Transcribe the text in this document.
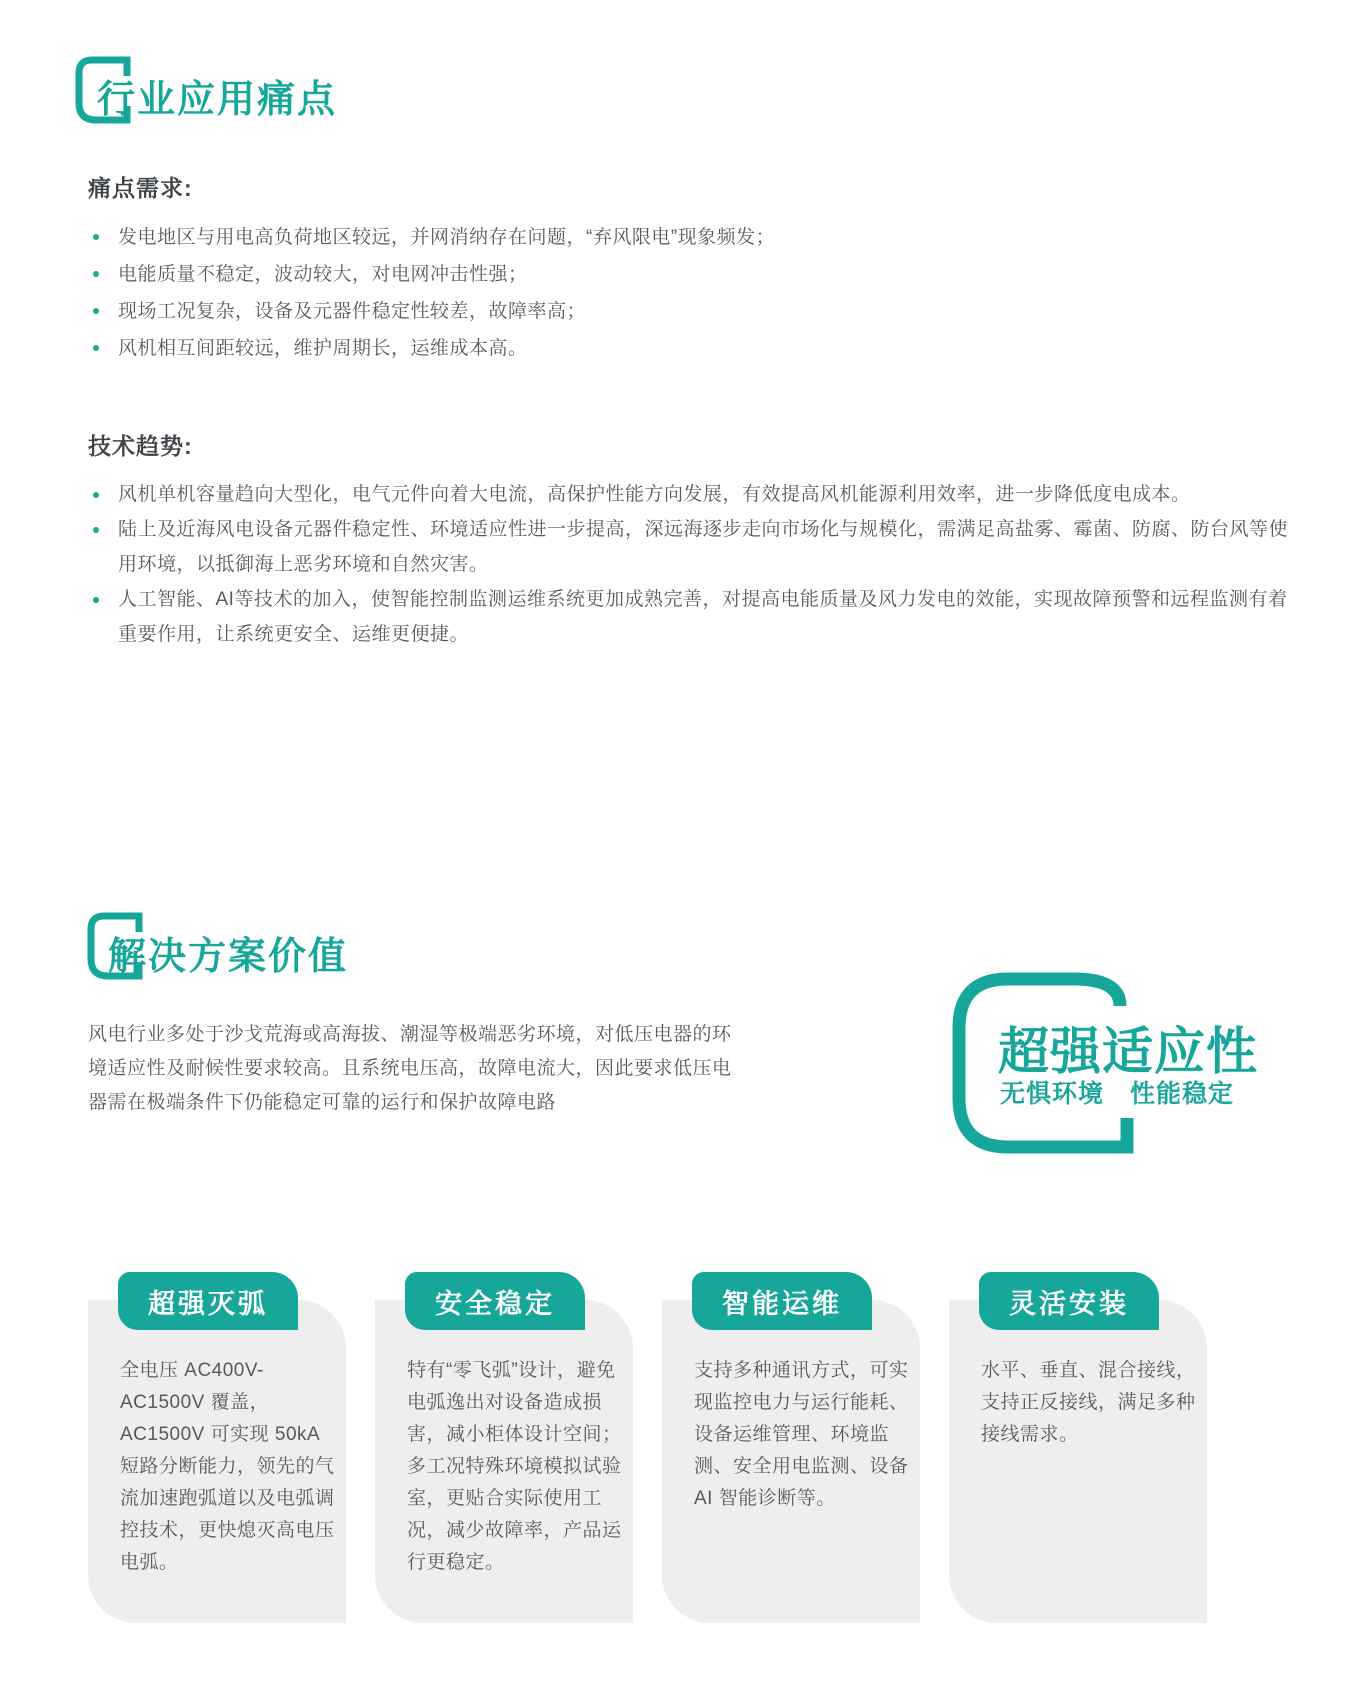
行业应用痛点
痛点需求:
发电地区与用电高负荷地区较远，并网消纳存在问题，“弃风限电”现象频发；
电能质量不稳定，波动较大，对电网冲击性强；
现场工况复杂，设备及元器件稳定性较差，故障率高；
风机相互间距较远，维护周期长，运维成本高。
技术趋势:
风机单机容量趋向大型化，电气元件向着大电流，高保护性能方向发展，有效提高风机能源利用效率，进一步降低度电成本。
陆上及近海风电设备元器件稳定性、环境适应性进一步提高，深远海逐步走向市场化与规模化，需满足高盐雾、霉菌、防腐、防台风等使用环境，以抵御海上恶劣环境和自然灾害。
人工智能、AI等技术的加入，使智能控制监测运维系统更加成熟完善，对提高电能质量及风力发电的效能，实现故障预警和远程监测有着重要作用，让系统更安全、运维更便捷。
解决方案价值

风电行业多处于沙戈荒海或高海拔、潮湿等极端恶劣环境，对低压电器的环境适应性及耐候性要求较高。且系统电压高，故障电流大，因此要求低压电器需在极端条件下仍能稳定可靠的运行和保护故障电路

超强适应性

无惧环境　性能稳定

超强灭弧

全电压 AC400V-AC1500V 覆盖，AC1500V 可实现 50kA 短路分断能力，领先的气流加速跑弧道以及电弧调控技术，更快熄灭高电压电弧。

安全稳定

特有“零飞弧”设计，避免电弧逸出对设备造成损害，减小柜体设计空间；多工况特殊环境模拟试验室，更贴合实际使用工况，减少故障率，产品运行更稳定。

智能运维

支持多种通讯方式，可实现监控电力与运行能耗、设备运维管理、环境监测、安全用电监测、设备 AI 智能诊断等。

灵活安装

水平、垂直、混合接线，支持正反接线，满足多种接线需求。
